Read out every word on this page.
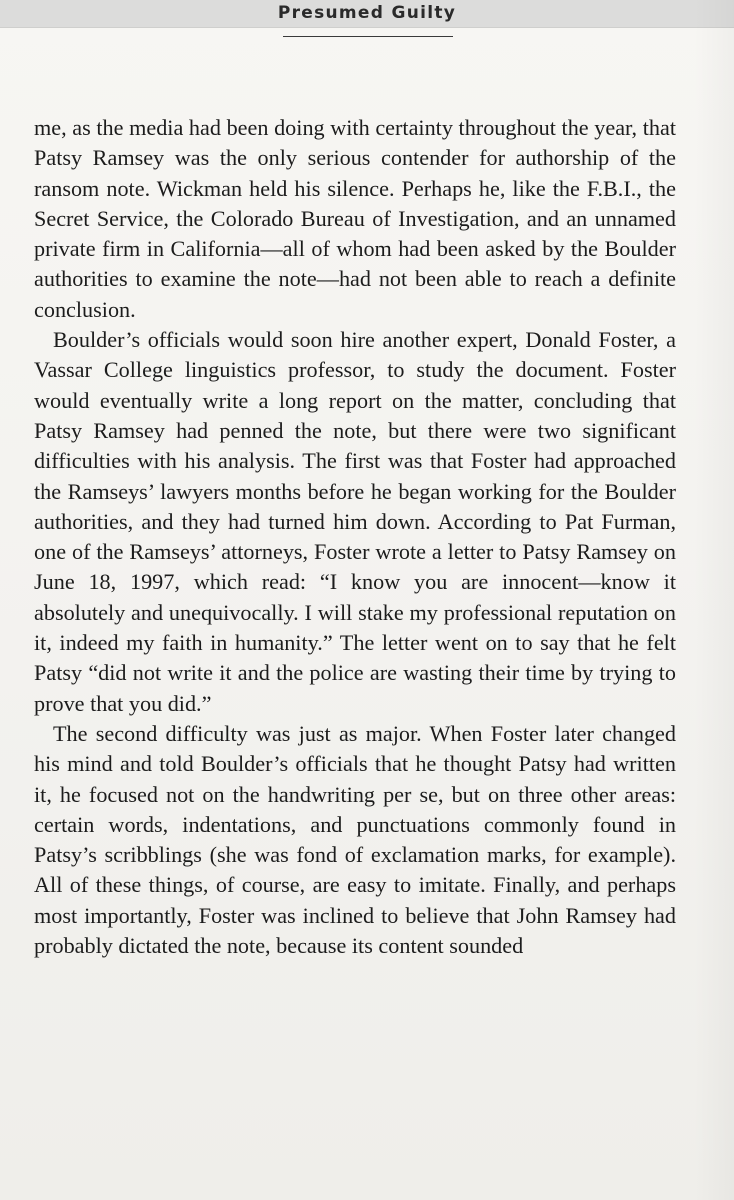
Presumed Guilty

me, as the media had been doing with certainty throughout the year, that Patsy Ramsey was the only serious contender for authorship of the ransom note. Wickman held his silence. Perhaps he, like the F.B.I., the Secret Service, the Colorado Bureau of Investigation, and an unnamed private firm in California—all of whom had been asked by the Boulder authorities to examine the note—had not been able to reach a definite conclusion.

Boulder’s officials would soon hire another expert, Donald Foster, a Vassar College linguistics professor, to study the document. Foster would eventually write a long report on the matter, concluding that Patsy Ramsey had penned the note, but there were two significant difficulties with his analysis. The first was that Foster had approached the Ramseys’ lawyers months before he began working for the Boulder authorities, and they had turned him down. According to Pat Furman, one of the Ramseys’ attorneys, Foster wrote a letter to Patsy Ramsey on June 18, 1997, which read: “I know you are innocent—know it absolutely and unequivocally. I will stake my professional reputation on it, indeed my faith in humanity.” The letter went on to say that he felt Patsy “did not write it and the police are wasting their time by trying to prove that you did.”

The second difficulty was just as major. When Foster later changed his mind and told Boulder’s officials that he thought Patsy had written it, he focused not on the handwriting per se, but on three other areas: certain words, indentations, and punctuations commonly found in Patsy’s scribblings (she was fond of exclamation marks, for example). All of these things, of course, are easy to imitate. Finally, and perhaps most importantly, Foster was inclined to believe that John Ramsey had probably dictated the note, because its content sounded
